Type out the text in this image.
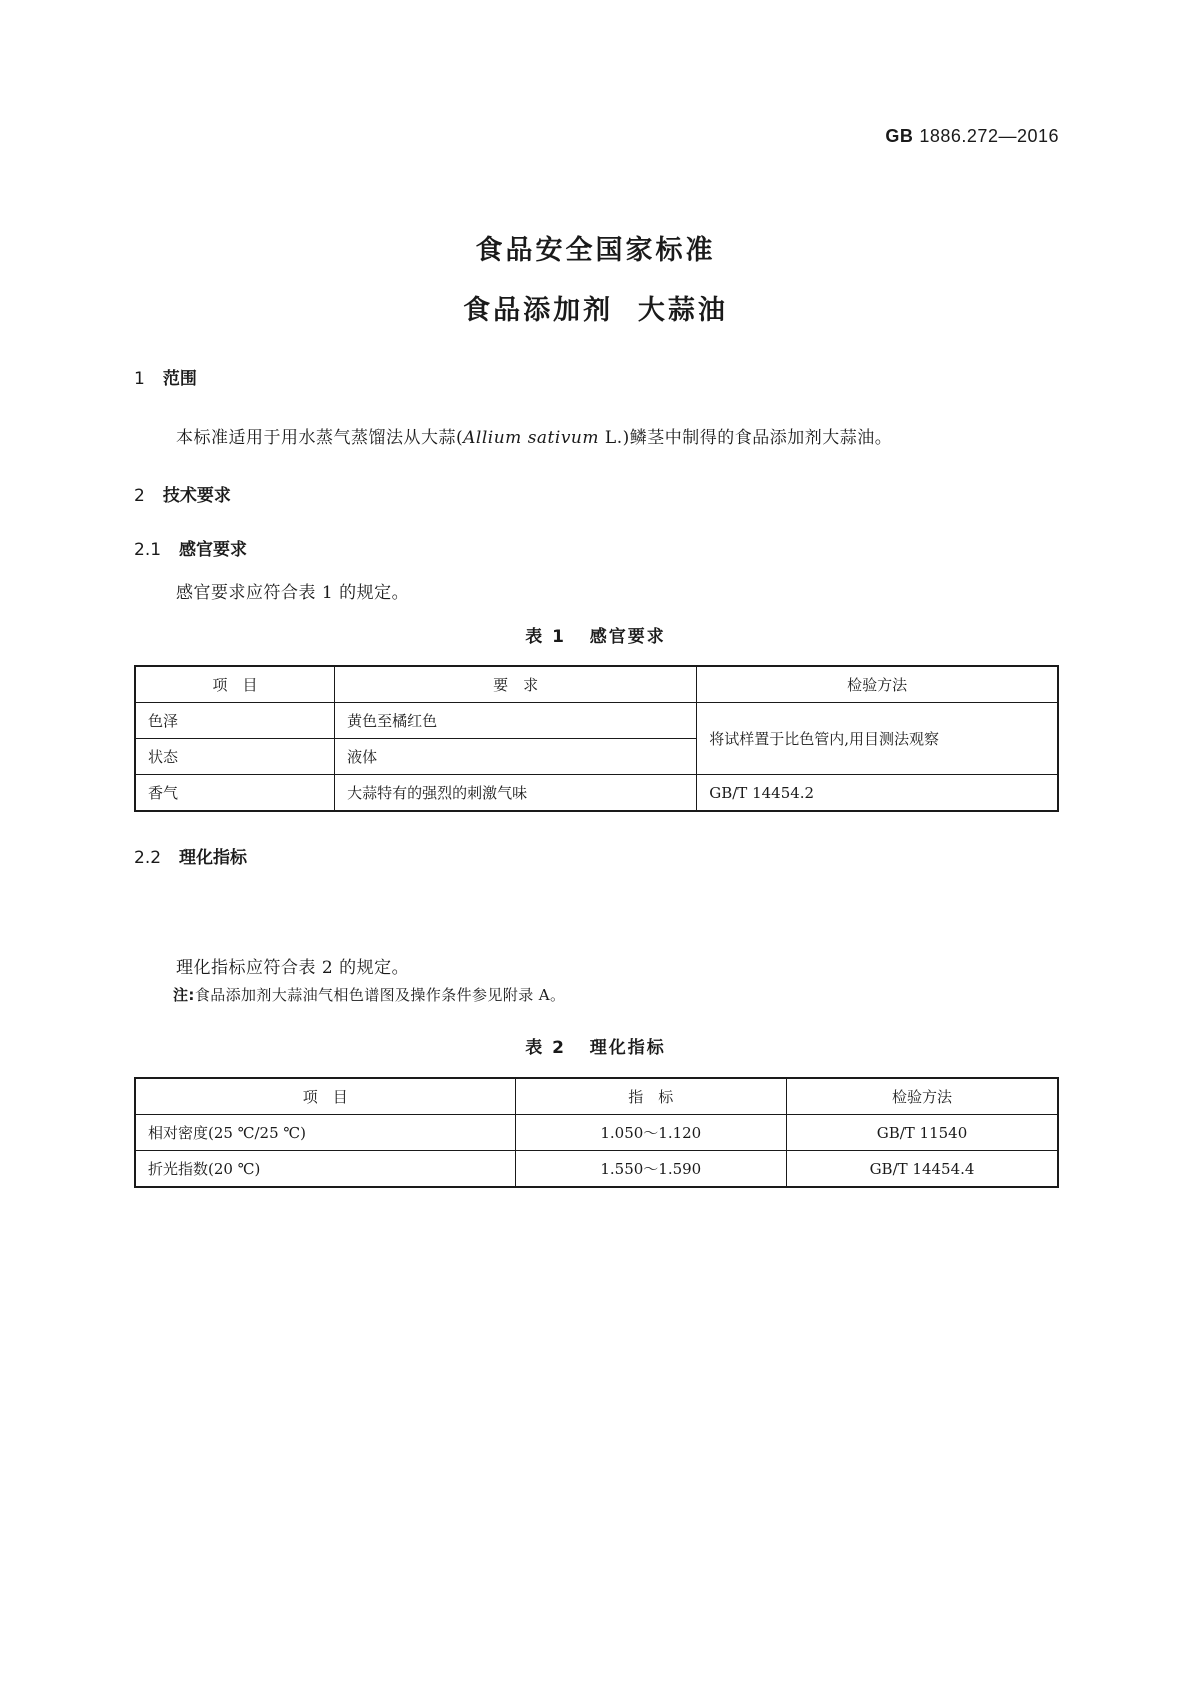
GB 1886.272—2016
食品安全国家标准
食品添加剂  大蒜油
1 范围
本标准适用于用水蒸气蒸馏法从大蒜(Allium sativum L.)鳞茎中制得的食品添加剂大蒜油。
2 技术要求
2.1 感官要求
感官要求应符合表 1 的规定。
表 1   感官要求
项　目	要　求	检验方法
色泽	黄色至橘红色	将试样置于比色管内,用目测法观察
状态	液体	
香气	大蒜特有的强烈的刺激气味	GB/T 14454.2
2.2 理化指标
理化指标应符合表 2 的规定。
注:食品添加剂大蒜油气相色谱图及操作条件参见附录 A。
表 2   理化指标
项　目	指　标	检验方法
相对密度(25 ℃/25 ℃)	1.050～1.120	GB/T 11540
折光指数(20 ℃)	1.550～1.590	GB/T 14454.4
